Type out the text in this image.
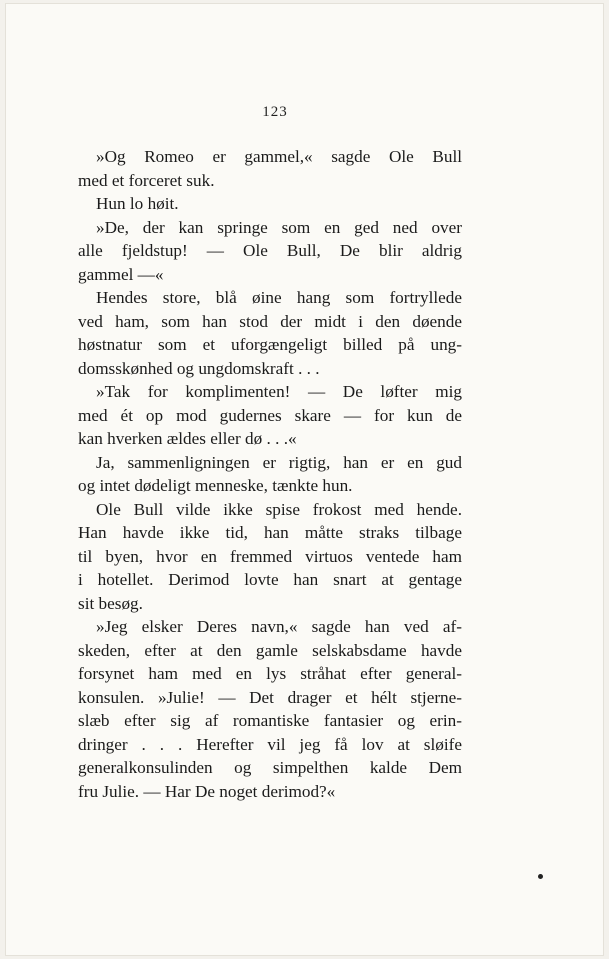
123
»Og Romeo er gammel,« sagde Ole Bull
med et forceret suk.
Hun lo høit.
»De, der kan springe som en ged ned over
alle fjeldstup! — Ole Bull, De blir aldrig
gammel —«
Hendes store, blå øine hang som fortryllede
ved ham, som han stod der midt i den døende
høstnatur som et uforgængeligt billed på ung-
domsskønhed og ungdomskraft . . .
»Tak for komplimenten! — De løfter mig
med ét op mod gudernes skare — for kun de
kan hverken ældes eller dø . . .«
Ja, sammenligningen er rigtig, han er en gud
og intet dødeligt menneske, tænkte hun.
Ole Bull vilde ikke spise frokost med hende.
Han havde ikke tid, han måtte straks tilbage
til byen, hvor en fremmed virtuos ventede ham
i hotellet. Derimod lovte han snart at gentage
sit besøg.
»Jeg elsker Deres navn,« sagde han ved af-
skeden, efter at den gamle selskabsdame havde
forsynet ham med en lys stråhat efter general-
konsulen. »Julie! — Det drager et hélt stjerne-
slæb efter sig af romantiske fantasier og erin-
dringer . . . Herefter vil jeg få lov at sløife
generalkonsulinden og simpelthen kalde Dem
fru Julie. — Har De noget derimod?«
